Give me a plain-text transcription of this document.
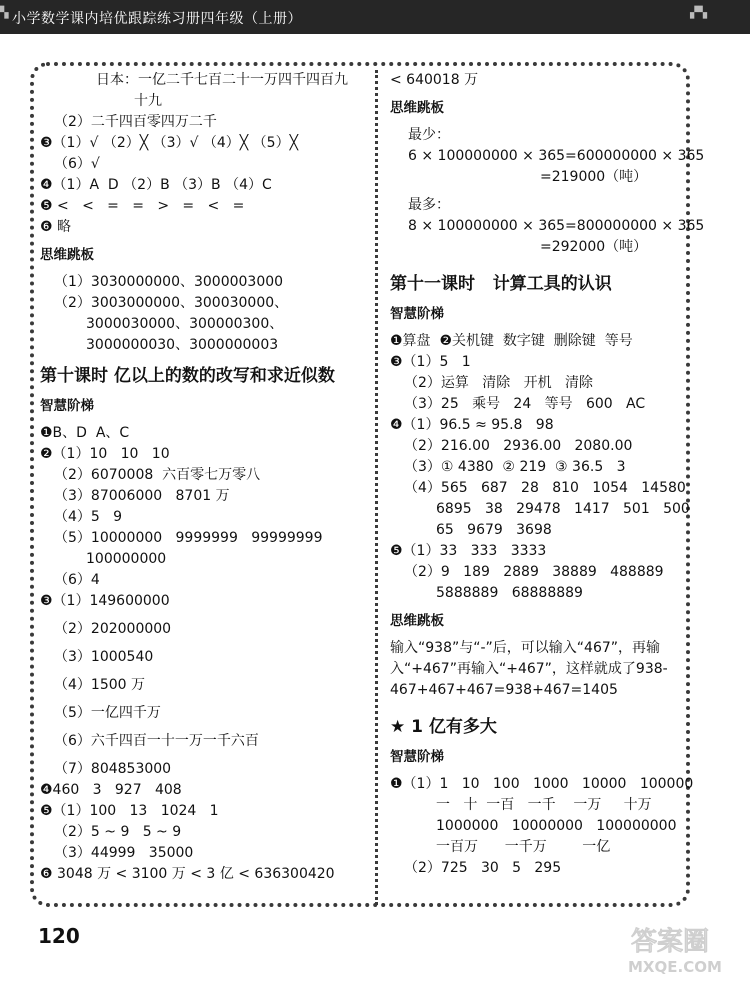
小学数学课内培优跟踪练习册四年级（上册）
▚	▞▚
日本：一亿二千七百二十一万四千四百九
十九
（2）二千四百零四万二千
❸（1）√ （2）╳ （3）√ （4）╳ （5）╳
（6）√
❹（1）A  D （2）B （3）B （4）C
❺ <   <   =   =   >   =   <   =
❻ 略
思维跳板
（1）3030000000、3000003000
（2）3003000000、300030000、
3000030000、300000300、
3000000030、3000000003
第十课时 亿以上的数的改写和求近似数
智慧阶梯
❶B、D  A、C
❷（1）10   10   10
（2）6070008  六百零七万零八
（3）87006000   8701 万
（4）5   9
（5）10000000   9999999   99999999
100000000
（6）4
❸（1）149600000
（2）202000000
（3）1000540
（4）1500 万
（5）一亿四千万
（6）六千四百一十一万一千六百
（7）804853000
❹460   3   927   408
❺（1）100   13   1024   1
（2）5 ~ 9   5 ~ 9
（3）44999   35000
❻ 3048 万 < 3100 万 < 3 亿 < 636300420
< 640018 万
思维跳板
最少：
6 × 100000000 × 365=600000000 × 365
=219000（吨）
最多：
8 × 100000000 × 365=800000000 × 365
=292000（吨）
第十一课时   计算工具的认识
智慧阶梯
❶算盘  ❷关机键  数字键  删除键  等号
❸（1）5   1
（2）运算   清除   开机   清除
（3）25   乘号   24   等号   600   AC
❹（1）96.5 ≈ 95.8   98
（2）216.00   2936.00   2080.00
（3）① 4380  ② 219  ③ 36.5   3
（4）565   687   28   810   1054   14580
6895   38   29478   1417   501   500
65   9679   3698
❺（1）33   333   3333
（2）9   189   2889   38889   488889
5888889   68888889
思维跳板
输入“938”与“-”后，可以输入“467”，再输入“+467”再输入“+467”，这样就成了938-467+467+467=938+467=1405
★ 1 亿有多大
智慧阶梯
❶（1）1   10   100   1000   10000   100000
一   十  一百   一千    一万     十万
1000000   10000000   100000000
一百万      一千万        一亿
（2）725   30   5   295
120	答案圈
MXQE.COM
